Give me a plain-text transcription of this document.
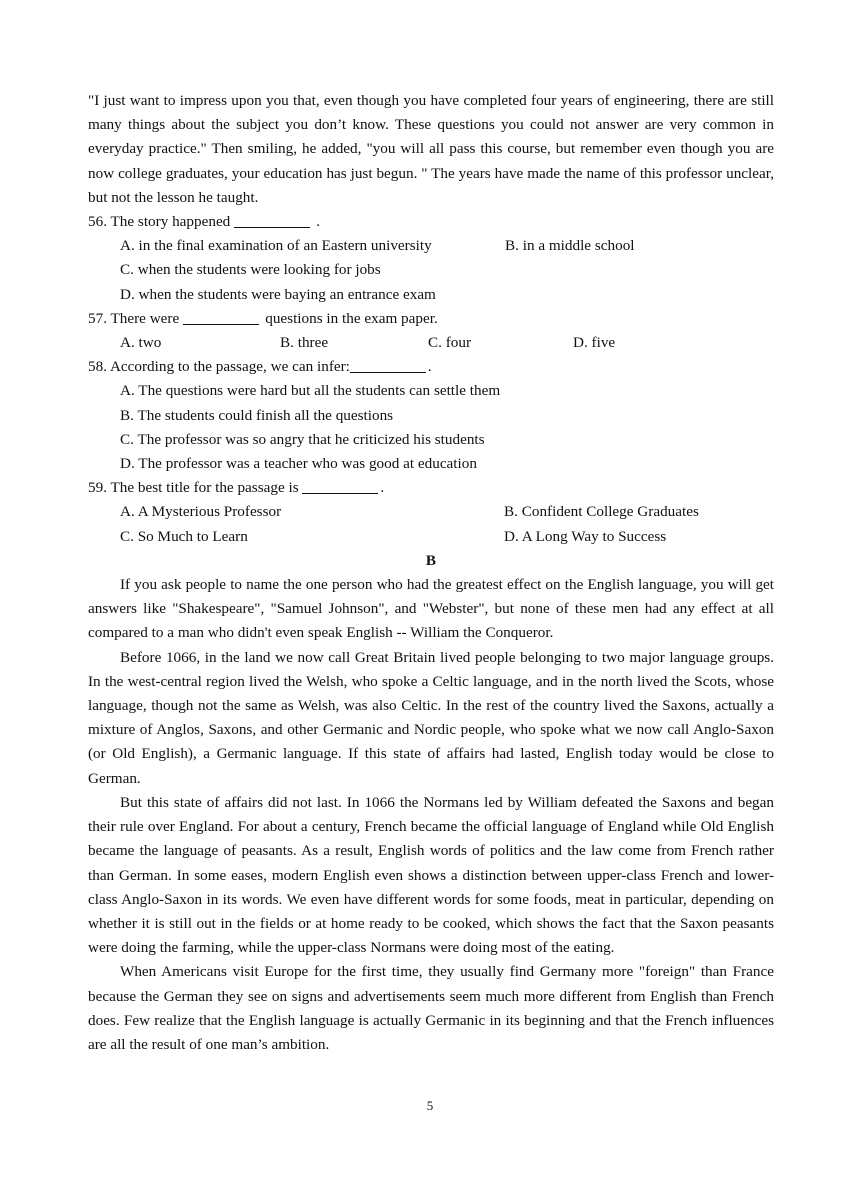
"I just want to impress upon you that, even though you have completed four years of engineering, there are still many things about the subject you don’t know. These questions you could not answer are very common in everyday practice." Then smiling, he added, "you will all pass this course, but remember even though you are now college graduates, your education has just begun. " The years have made the name of this professor unclear, but not the lesson he taught.

56. The story happened	.

A. in the final examination of an Eastern university	B. in a middle school

C. when the students were looking for jobs

D. when the students were baying an entrance exam

57. There were	questions in the exam paper.

A. two	B. three	C. four	D. five

58. According to the passage, we can infer:	.

A. The questions were hard but all the students can settle them

B. The students could finish all the questions

C. The professor was so angry that he criticized his students

D. The professor was a teacher who was good at education

59. The best title for the passage is	.

A. A Mysterious Professor	B. Confident College Graduates
C. So Much to Learn	D. A Long Way to Success

B

If you ask people to name the one person who had the greatest effect on the English language, you will get answers like "Shakespeare", "Samuel Johnson", and "Webster", but none of these men had any effect at all compared to a man who didn't even speak English -- William the Conqueror.

Before 1066, in the land we now call Great Britain lived people belonging to two major language groups. In the west-central region lived the Welsh, who spoke a Celtic language, and in the north lived the Scots, whose language, though not the same as Welsh, was also Celtic. In the rest of the country lived the Saxons, actually a mixture of Anglos, Saxons, and other Germanic and Nordic people, who spoke what we now call Anglo-Saxon (or Old English), a Germanic language. If this state of affairs had lasted, English today would be close to German.

But this state of affairs did not last. In 1066 the Normans led by William defeated the Saxons and began their rule over England. For about a century, French became the official language of England while Old English became the language of peasants. As a result, English words of politics and the law come from French rather than German. In some eases, modern English even shows a distinction between upper-class French and lower-class Anglo-Saxon in its words. We even have different words for some foods, meat in particular, depending on whether it is still out in the fields or at home ready to be cooked, which shows the fact that the Saxon peasants were doing the farming, while the upper-class Normans were doing most of the eating.

When Americans visit Europe for the first time, they usually find Germany more "foreign" than France because the German they see on signs and advertisements seem much more different from English than French does. Few realize that the English language is actually Germanic in its beginning and that the French influences are all the result of one man’s ambition.

5
